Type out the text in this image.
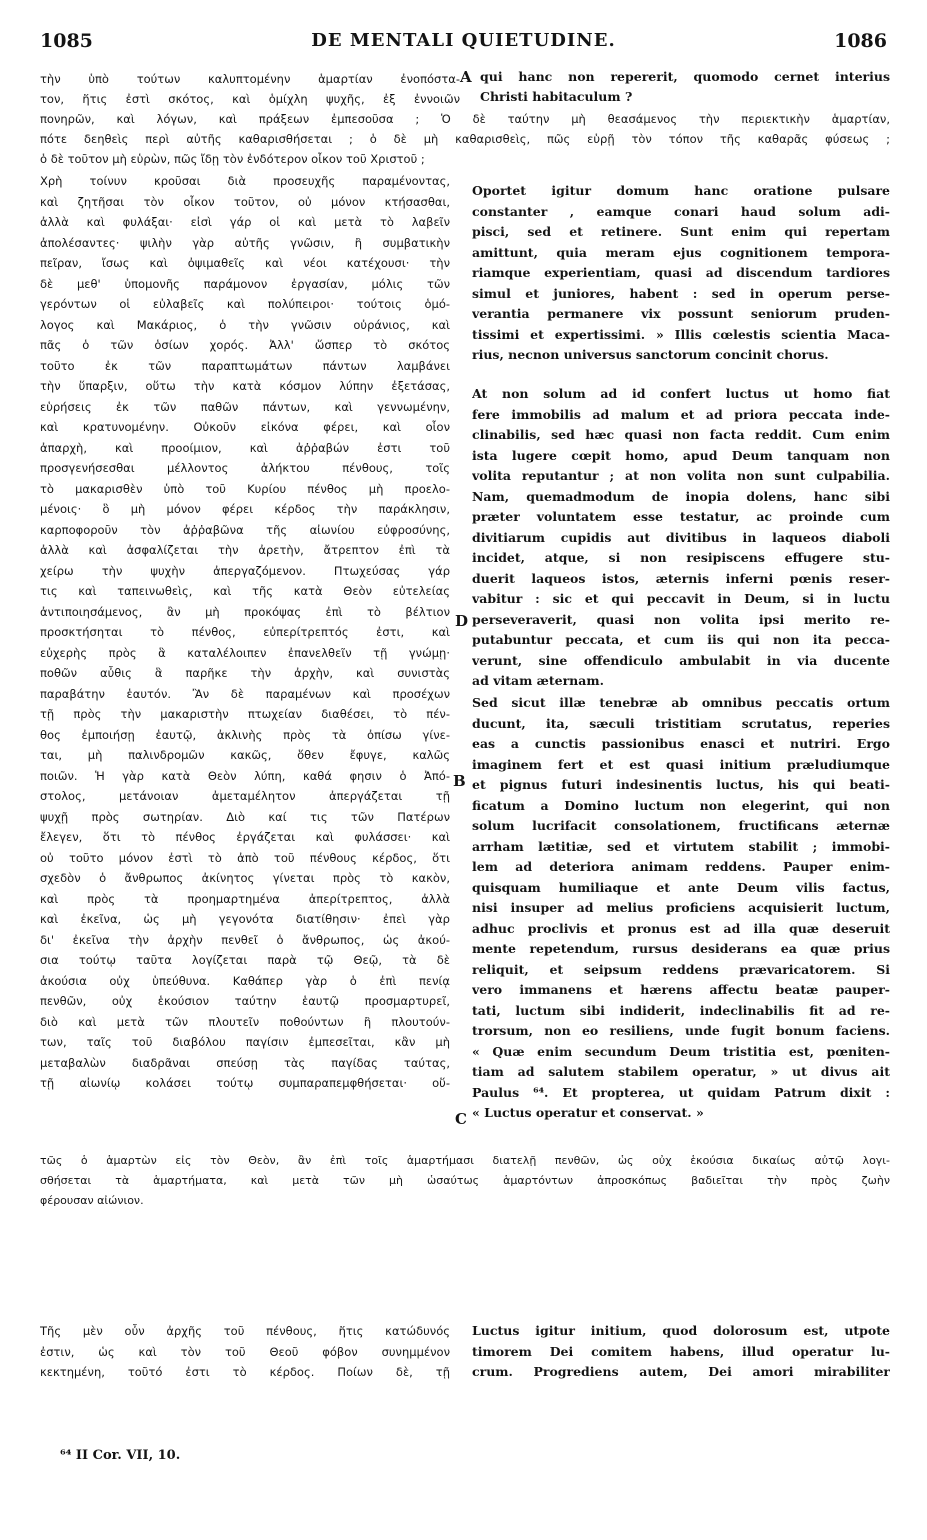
1085	DE MENTALI QUIETUDINE.	1086
τὴν ὑπὸ τούτων καλυπτομένην ἁμαρτίαν ἐνοπόστα-
τον, ἥτις ἐστὶ σκότος, καὶ ὁμίχλη ψυχῆς, ἐξ ἐννοιῶν
πονηρῶν, καὶ λόγων, καὶ πράξεων ἐμπεσοῦσα ; Ὁ δὲ ταύτην μὴ θεασάμενος τὴν περιεκτικὴν ἁμαρτίαν,
πότε δεηθεὶς περὶ αὐτῆς καθαρισθήσεται ; ὁ δὲ μὴ καθαρισθεὶς, πῶς εὑρῇ τὸν τόπον τῆς καθαρᾶς φύσεως ;
ὁ δὲ τοῦτον μὴ εὑρὼν, πῶς ἴδῃ τὸν ἐνδότερον οἶκον τοῦ Χριστοῦ ;
qui hanc non repererit, quomodo cernet interius
Christi habitaculum ?
Χρὴ τοίνυν κροῦσαι διὰ προσευχῆς παραμένοντας,
καὶ ζητῆσαι τὸν οἶκον τοῦτον, οὐ μόνον κτήσασθαι,
ἀλλὰ καὶ φυλάξαι· εἰσὶ γάρ οἱ καὶ μετὰ τὸ λαβεῖν
ἀπολέσαντες· ψιλὴν γὰρ αὐτῆς γνῶσιν, ἢ συμβατικὴν
πεῖραν, ἴσως καὶ ὀψιμαθεῖς καὶ νέοι κατέχουσι· τὴν
δὲ μεθ' ὑπομονῆς παράμονον ἐργασίαν, μόλις τῶν
γερόντων οἱ εὐλαβεῖς καὶ πολύπειροι· τούτοις ὁμό-
λογος καὶ Μακάριος, ὁ τὴν γνῶσιν οὐράνιος, καὶ
πᾶς ὁ τῶν ὁσίων χορός. Ἀλλ' ὥσπερ τὸ σκότος
τοῦτο ἐκ τῶν παραπτωμάτων πάντων λαμβάνει
τὴν ὕπαρξιν, οὕτω τὴν κατὰ κόσμον λύπην ἐξετάσας,
εὑρήσεις ἐκ τῶν παθῶν πάντων, καὶ γεννωμένην,
καὶ κρατυνομένην. Οὐκοῦν εἰκόνα φέρει, καὶ οἷον
ἀπαρχὴ, καὶ προοίμιον, καὶ ἀῤῥαβών ἐστι τοῦ
προσγενήσεσθαι μέλλοντος ἀλήκτου πένθους, τοῖς
τὸ μακαρισθὲν ὑπὸ τοῦ Κυρίου πένθος μὴ προελο-
μένοις· ὃ μὴ μόνον φέρει κέρδος τὴν παράκλησιν,
καρποφοροῦν τὸν ἀῤῥαβῶνα τῆς αἰωνίου εὐφροσύνης,
ἀλλὰ καὶ ἀσφαλίζεται τὴν ἀρετὴν, ἄτρεπτον ἐπὶ τὰ
χείρω τὴν ψυχὴν ἀπεργαζόμενον. Πτωχεύσας γάρ
τις καὶ ταπεινωθεὶς, καὶ τῆς κατὰ Θεὸν εὐτελείας
ἀντιποιησάμενος, ἂν μὴ προκόψας ἐπὶ τὸ βέλτιον
προσκτήσηται τὸ πένθος, εὐπερίτρεπτός ἐστι, καὶ
εὐχερὴς πρὸς ἃ καταλέλοιπεν ἐπανελθεῖν τῇ γνώμῃ·
ποθῶν αὖθις ἃ παρῆκε τὴν ἀρχὴν, καὶ συνιστὰς
παραβάτην ἑαυτόν. Ἂν δὲ παραμένων καὶ προσέχων
τῇ πρὸς τὴν μακαριστὴν πτωχείαν διαθέσει, τὸ πέν-
θος ἐμποιήσῃ ἑαυτῷ, ἀκλινὴς πρὸς τὰ ὀπίσω γίνε-
ται, μὴ παλινδρομῶν κακῶς, ὅθεν ἔφυγε, καλῶς
ποιῶν. Ἡ γὰρ κατὰ Θεὸν λύπη, καθά φησιν ὁ Ἀπό-
στολος, μετάνοιαν ἀμεταμέλητον ἀπεργάζεται τῇ
ψυχῇ πρὸς σωτηρίαν. Διὸ καί τις τῶν Πατέρων
ἔλεγεν, ὅτι τὸ πένθος ἐργάζεται καὶ φυλάσσει· καὶ
οὐ τοῦτο μόνον ἐστὶ τὸ ἀπὸ τοῦ πένθους κέρδος, ὅτι
σχεδὸν ὁ ἄνθρωπος ἀκίνητος γίνεται πρὸς τὸ κακὸν,
καὶ πρὸς τὰ προημαρτημένα ἀπερίτρεπτος, ἀλλὰ
καὶ ἐκεῖνα, ὡς μὴ γεγονότα διατίθησιν· ἐπεὶ γὰρ
δι' ἐκεῖνα τὴν ἀρχὴν πενθεῖ ὁ ἄνθρωπος, ὡς ἀκού-
σια τούτῳ ταῦτα λογίζεται παρὰ τῷ Θεῷ, τὰ δὲ
ἀκούσια οὐχ ὑπεύθυνα. Καθάπερ γὰρ ὁ ἐπὶ πενίᾳ
πενθῶν, οὐχ ἑκούσιον ταύτην ἑαυτῷ προσμαρτυρεῖ,
διὸ καὶ μετὰ τῶν πλουτεῖν ποθούντων ἢ πλουτούν-
των, ταῖς τοῦ διαβόλου παγίσιν ἐμπεσεῖται, κἂν μὴ
μεταβαλὼν διαδρᾶναι σπεύσῃ τὰς παγίδας ταύτας,
τῇ αἰωνίῳ κολάσει τούτῳ συμπαραπεμφθήσεται· οὕ-
Oportet igitur domum hanc oratione pulsare
constanter , eamque conari haud solum adi-
pisci, sed et retinere. Sunt enim qui repertam
amittunt, quia meram ejus cognitionem tempora-
riamque experientiam, quasi ad discendum tardiores
simul et juniores, habent : sed in operum perse-
verantia permanere vix possunt seniorum pruden-
tissimi et expertissimi. » Illis cœlestis scientia Maca-
rius, necnon universus sanctorum concinit chorus.
At non solum ad id confert luctus ut homo fiat
fere immobilis ad malum et ad priora peccata inde-
clinabilis, sed hæc quasi non facta reddit. Cum enim
ista lugere cœpit homo, apud Deum tanquam non
volita reputantur ; at non volita non sunt culpabilia.
Nam, quemadmodum de inopia dolens, hanc sibi
præter voluntatem esse testatur, ac proinde cum
divitiarum cupidis aut divitibus in laqueos diaboli
incidet, atque, si non resipiscens effugere stu-
duerit laqueos istos, æternis inferni pœnis reser-
vabitur : sic et qui peccavit in Deum, si in luctu
perseveraverit, quasi non volita ipsi merito re-
putabuntur peccata, et cum iis qui non ita pecca-
verunt, sine offendiculo ambulabit in via ducente
ad vitam æternam.
Sed sicut illæ tenebræ ab omnibus peccatis ortum
ducunt, ita, sæculi tristitiam scrutatus, reperies
eas a cunctis passionibus enasci et nutriri. Ergo
imaginem fert et est quasi initium præludiumque
et pignus futuri indesinentis luctus, his qui beati-
ficatum a Domino luctum non elegerint, qui non
solum lucrifacit consolationem, fructificans æternæ
arrham lætitiæ, sed et virtutem stabilit ; immobi-
lem ad deteriora animam reddens. Pauper enim-
quisquam humiliaque et ante Deum vilis factus,
nisi insuper ad melius proficiens acquisierit luctum,
adhuc proclivis et pronus est ad illa quæ deseruit
mente repetendum, rursus desiderans ea quæ prius
reliquit, et seipsum reddens prævaricatorem. Si
vero immanens et hærens affectu beatæ pauper-
tati, luctum sibi indiderit, indeclinabilis fit ad re-
trorsum, non eo resiliens, unde fugit bonum faciens.
« Quæ enim secundum Deum tristitia est, pœniten-
tiam ad salutem stabilem operatur, » ut divus ait
Paulus ⁶⁴. Et propterea, ut quidam Patrum dixit :
« Luctus operatur et conservat. »
τῶς ὁ ἁμαρτὼν εἰς τὸν Θεὸν, ἂν ἐπὶ τοῖς ἁμαρτήμασι διατελῇ πενθῶν, ὡς οὐχ ἑκούσια δικαίως αὐτῷ λογι-
σθήσεται τὰ ἁμαρτήματα, καὶ μετὰ τῶν μὴ ὡσαύτως ἁμαρτόντων ἀπροσκόπως βαδιεῖται τὴν πρὸς ζωὴν
φέρουσαν αἰώνιον.
Τῆς μὲν οὖν ἀρχῆς τοῦ πένθους, ἥτις κατώδυνός
ἐστιν, ὡς καὶ τὸν τοῦ Θεοῦ φόβον συνημμένον
κεκτημένη, τοῦτό ἐστι τὸ κέρδος. Ποίων δὲ, τῇ
Luctus igitur initium, quod dolorosum est, utpote
timorem Dei comitem habens, illud operatur lu-
crum. Progrediens autem, Dei amori mirabiliter
A
D
B
C
⁶⁴ II Cor. VII, 10.
